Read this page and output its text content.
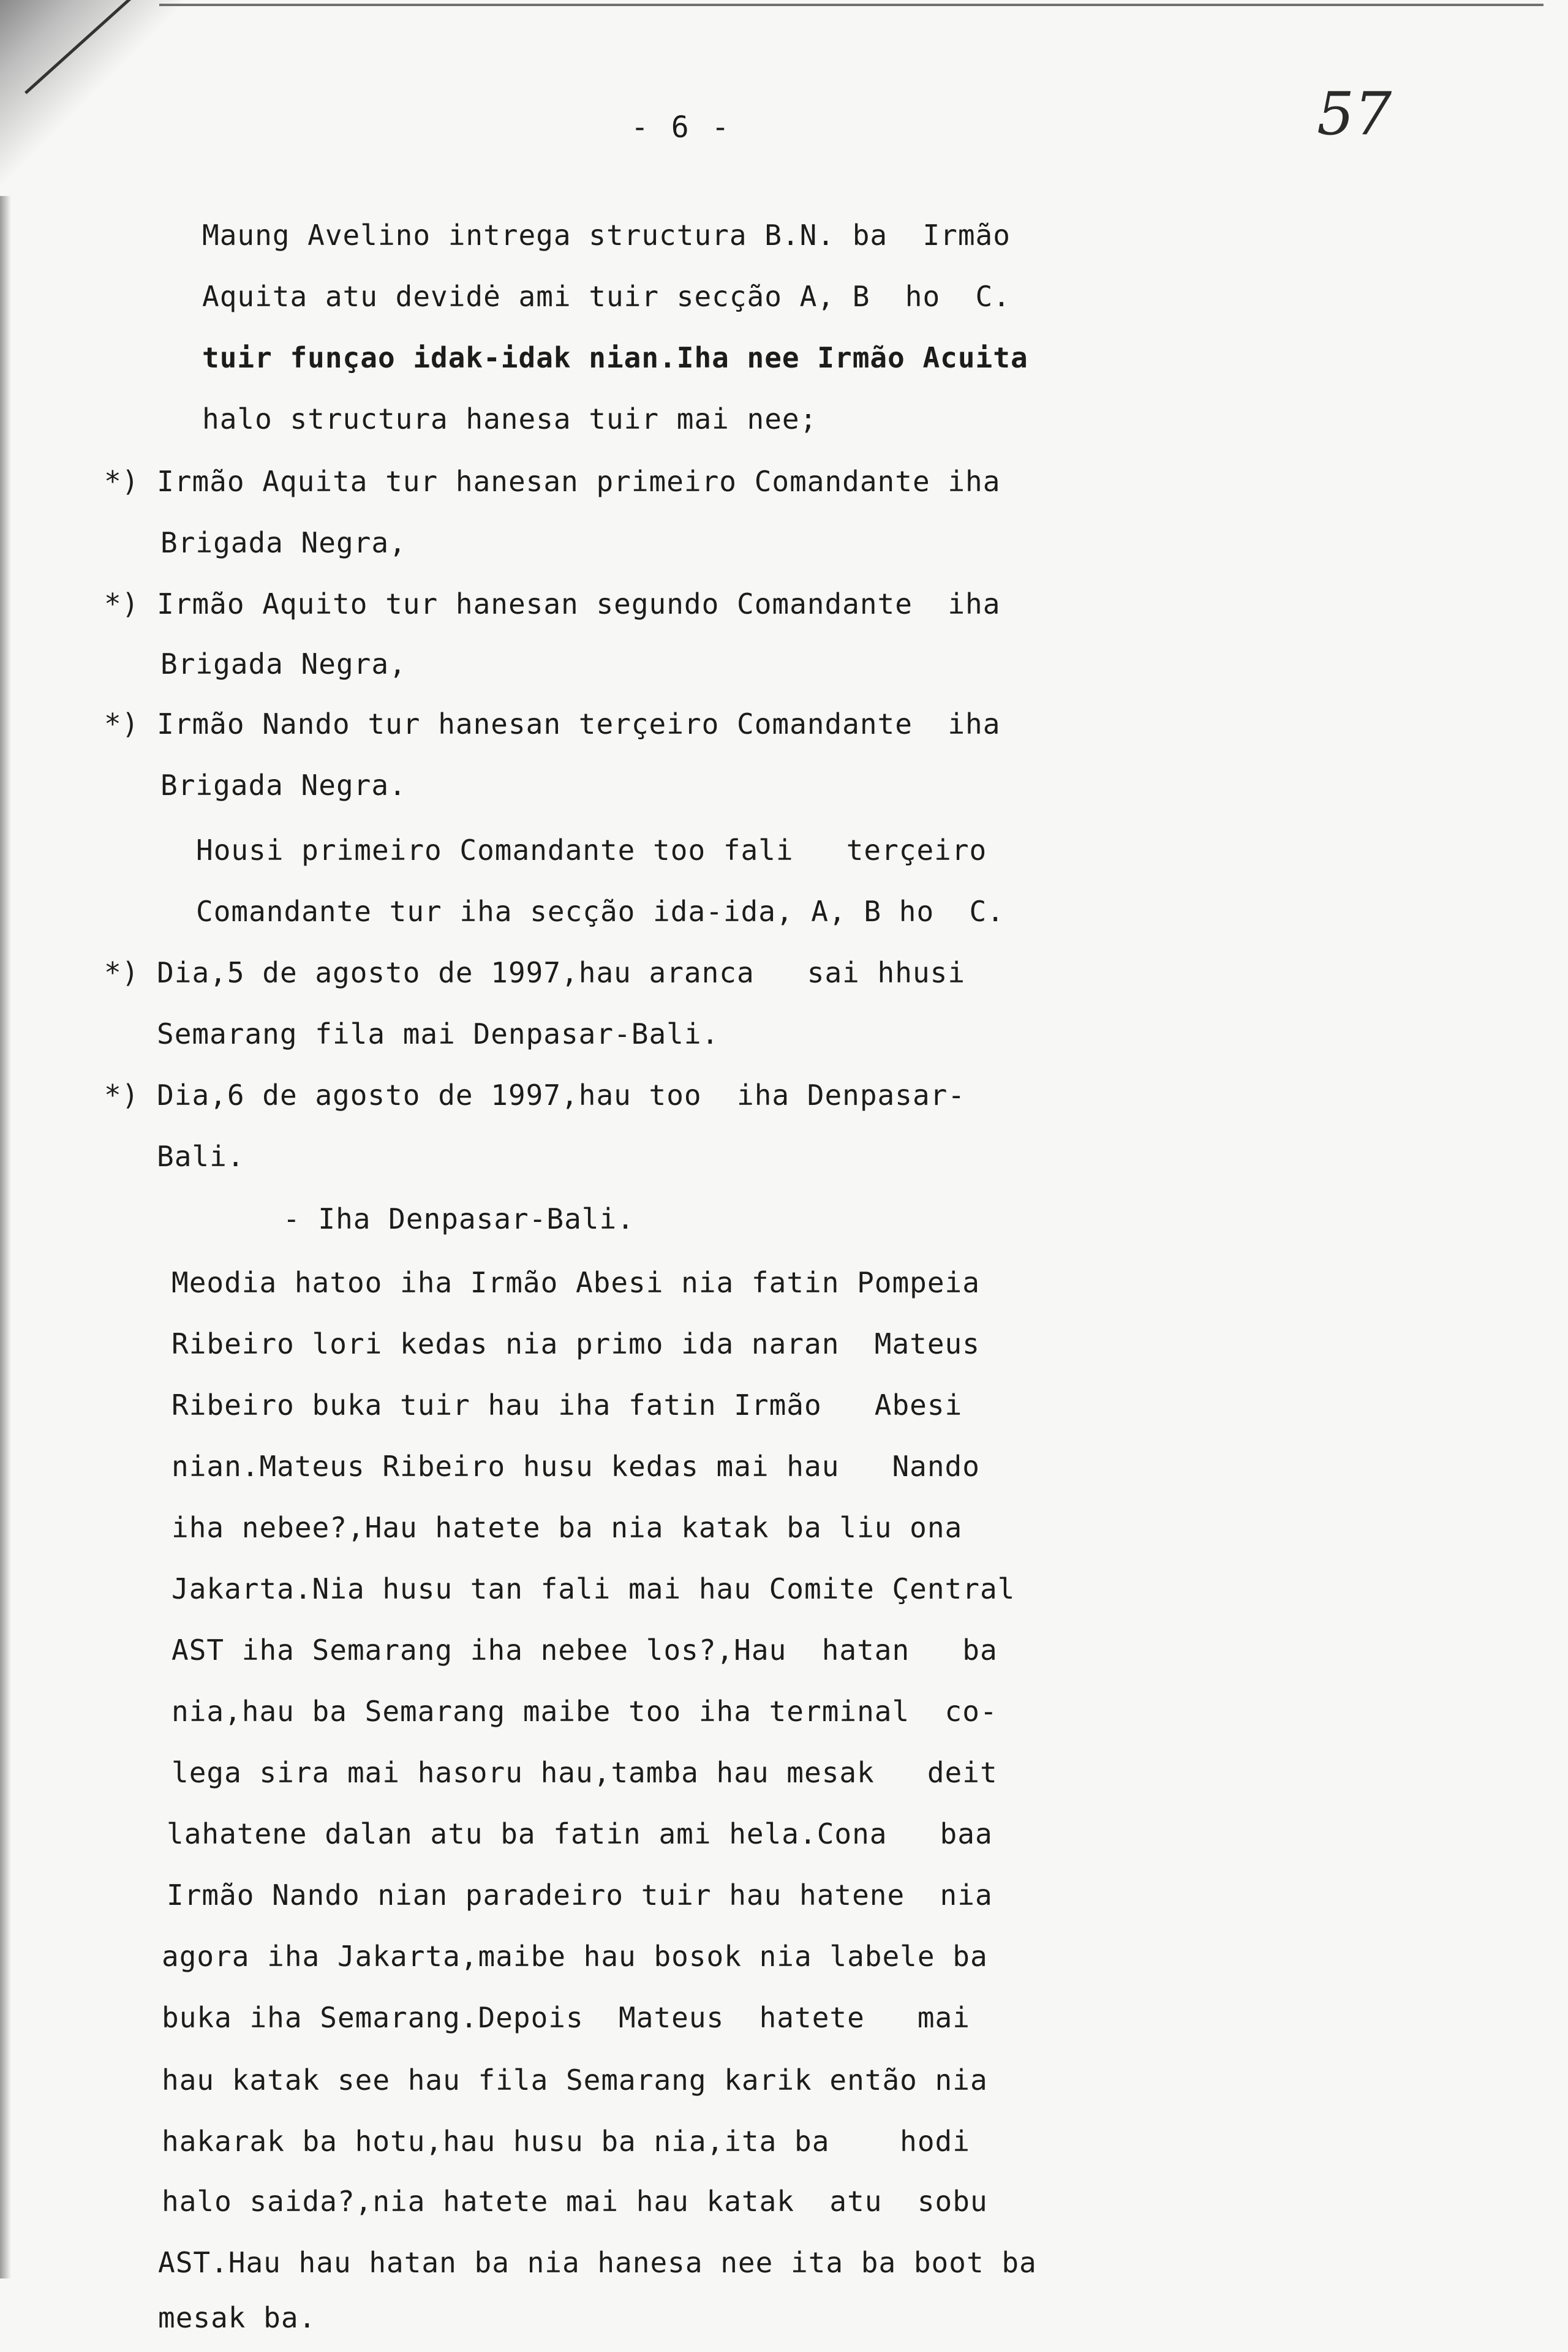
- 6 -	57
Maung Avelino intrega structura B.N. ba  Irmão
Aquita atu devidė ami tuir secção A, B  ho  C.
tuir funçao idak-idak nian.Iha nee Irmão Acuita
halo structura hanesa tuir mai nee;
*) Irmão Aquita tur hanesan primeiro Comandante iha
Brigada Negra,
*) Irmão Aquito tur hanesan segundo Comandante  iha
Brigada Negra,
*) Irmão Nando tur hanesan terçeiro Comandante  iha
Brigada Negra.
Housi primeiro Comandante too fali   terçeiro
Comandante tur iha secção ida-ida, A, B ho  C.
*) Dia,5 de agosto de 1997,hau aranca   sai hhusi
Semarang fila mai Denpasar-Bali.
*) Dia,6 de agosto de 1997,hau too  iha Denpasar-
Bali.
- Iha Denpasar-Bali.
Meodia hatoo iha Irmão Abesi nia fatin Pompeia
Ribeiro lori kedas nia primo ida naran  Mateus
Ribeiro buka tuir hau iha fatin Irmão   Abesi
nian.Mateus Ribeiro husu kedas mai hau   Nando
iha nebee?,Hau hatete ba nia katak ba liu ona
Jakarta.Nia husu tan fali mai hau Comite Çentral
AST iha Semarang iha nebee los?,Hau  hatan   ba
nia,hau ba Semarang maibe too iha terminal  co-
lega sira mai hasoru hau,tamba hau mesak   deit
lahatene dalan atu ba fatin ami hela.Cona   baa
Irmão Nando nian paradeiro tuir hau hatene  nia
agora iha Jakarta,maibe hau bosok nia labele ba
buka iha Semarang.Depois  Mateus  hatete   mai
hau katak see hau fila Semarang karik então nia
hakarak ba hotu,hau husu ba nia,ita ba    hodi
halo saida?,nia hatete mai hau katak  atu  sobu
AST.Hau hau hatan ba nia hanesa nee ita ba boot ba
mesak ba.
